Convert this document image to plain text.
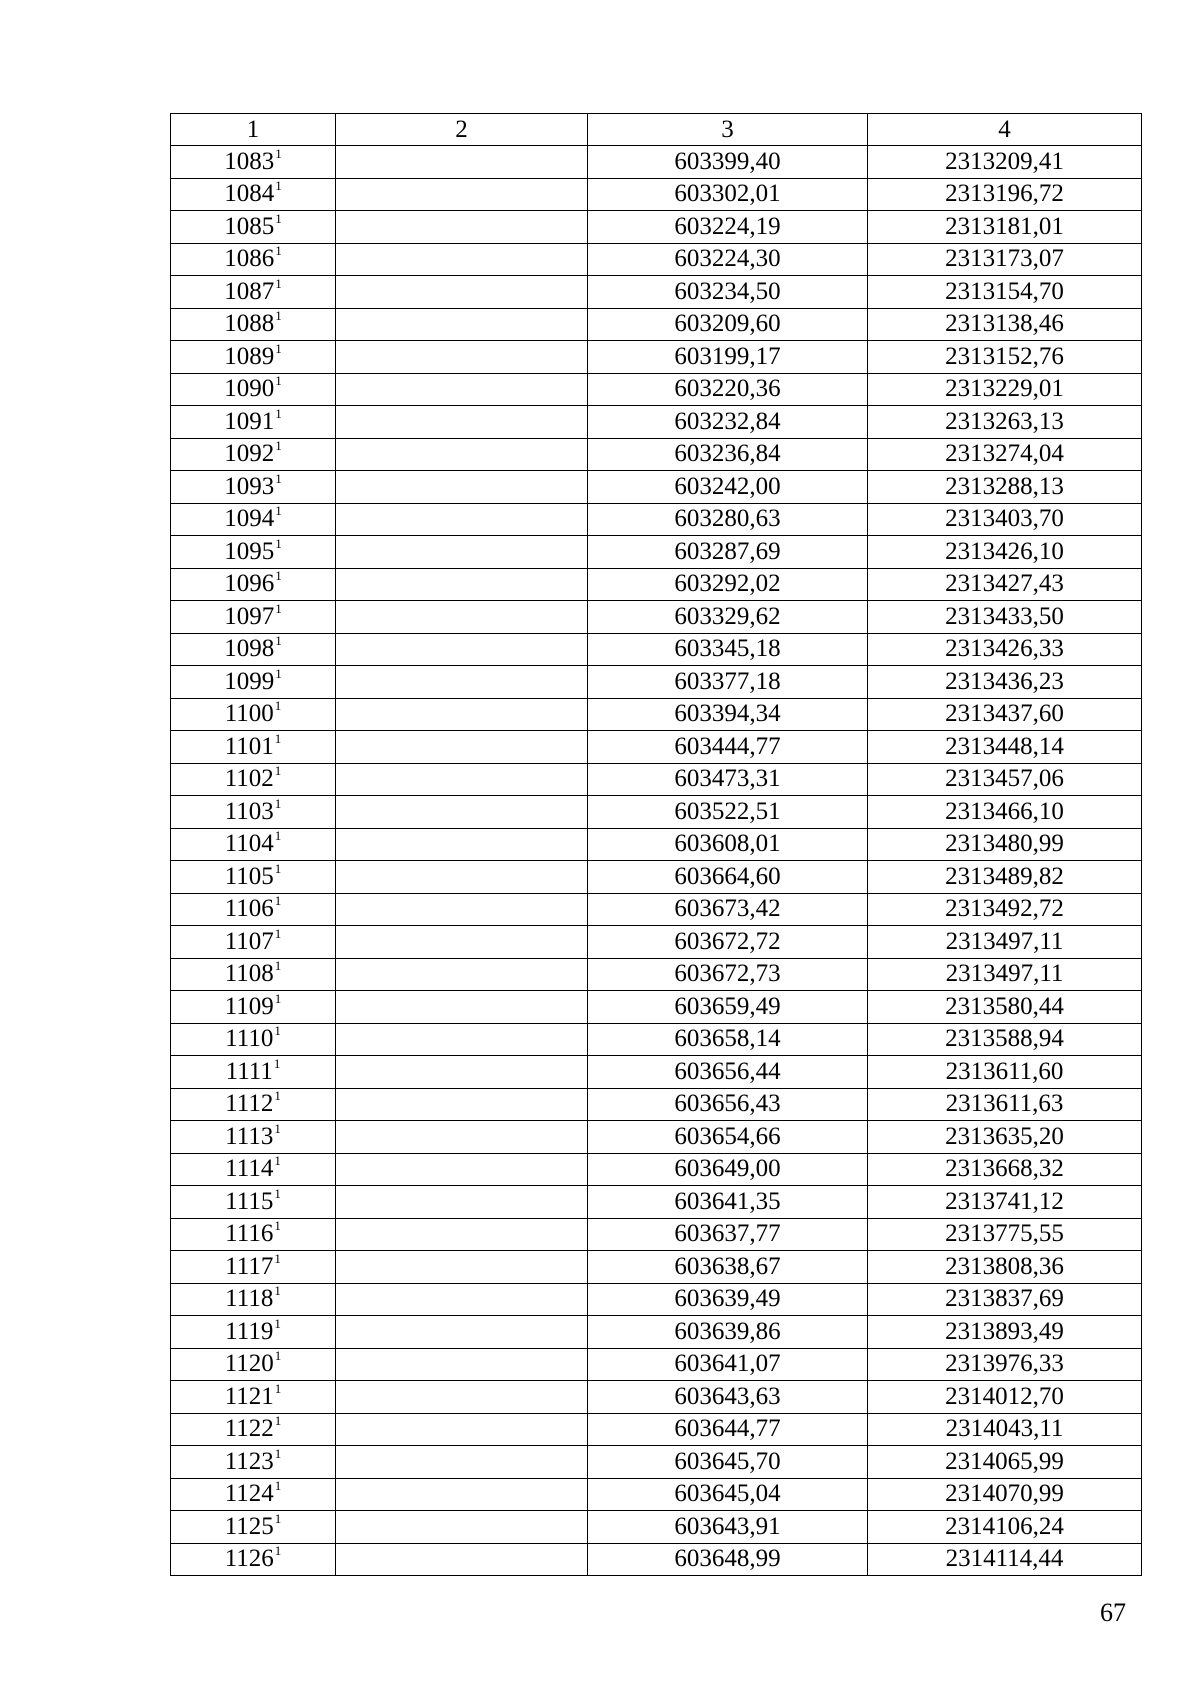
1	2	3	4
1083$^1$		603399,40	2313209,41
1084$^1$		603302,01	2313196,72
1085$^1$		603224,19	2313181,01
1086$^1$		603224,30	2313173,07
1087$^1$		603234,50	2313154,70
1088$^1$		603209,60	2313138,46
1089$^1$		603199,17	2313152,76
1090$^1$		603220,36	2313229,01
1091$^1$		603232,84	2313263,13
1092$^1$		603236,84	2313274,04
1093$^1$		603242,00	2313288,13
1094$^1$		603280,63	2313403,70
1095$^1$		603287,69	2313426,10
1096$^1$		603292,02	2313427,43
1097$^1$		603329,62	2313433,50
1098$^1$		603345,18	2313426,33
1099$^1$		603377,18	2313436,23
1100$^1$		603394,34	2313437,60
1101$^1$		603444,77	2313448,14
1102$^1$		603473,31	2313457,06
1103$^1$		603522,51	2313466,10
1104$^1$		603608,01	2313480,99
1105$^1$		603664,60	2313489,82
1106$^1$		603673,42	2313492,72
1107$^1$		603672,72	2313497,11
1108$^1$		603672,73	2313497,11
1109$^1$		603659,49	2313580,44
1110$^1$		603658,14	2313588,94
1111$^1$		603656,44	2313611,60
1112$^1$		603656,43	2313611,63
1113$^1$		603654,66	2313635,20
1114$^1$		603649,00	2313668,32
1115$^1$		603641,35	2313741,12
1116$^1$		603637,77	2313775,55
1117$^1$		603638,67	2313808,36
1118$^1$		603639,49	2313837,69
1119$^1$		603639,86	2313893,49
1120$^1$		603641,07	2313976,33
1121$^1$		603643,63	2314012,70
1122$^1$		603644,77	2314043,11
1123$^1$		603645,70	2314065,99
1124$^1$		603645,04	2314070,99
1125$^1$		603643,91	2314106,24
1126$^1$		603648,99	2314114,44
67
